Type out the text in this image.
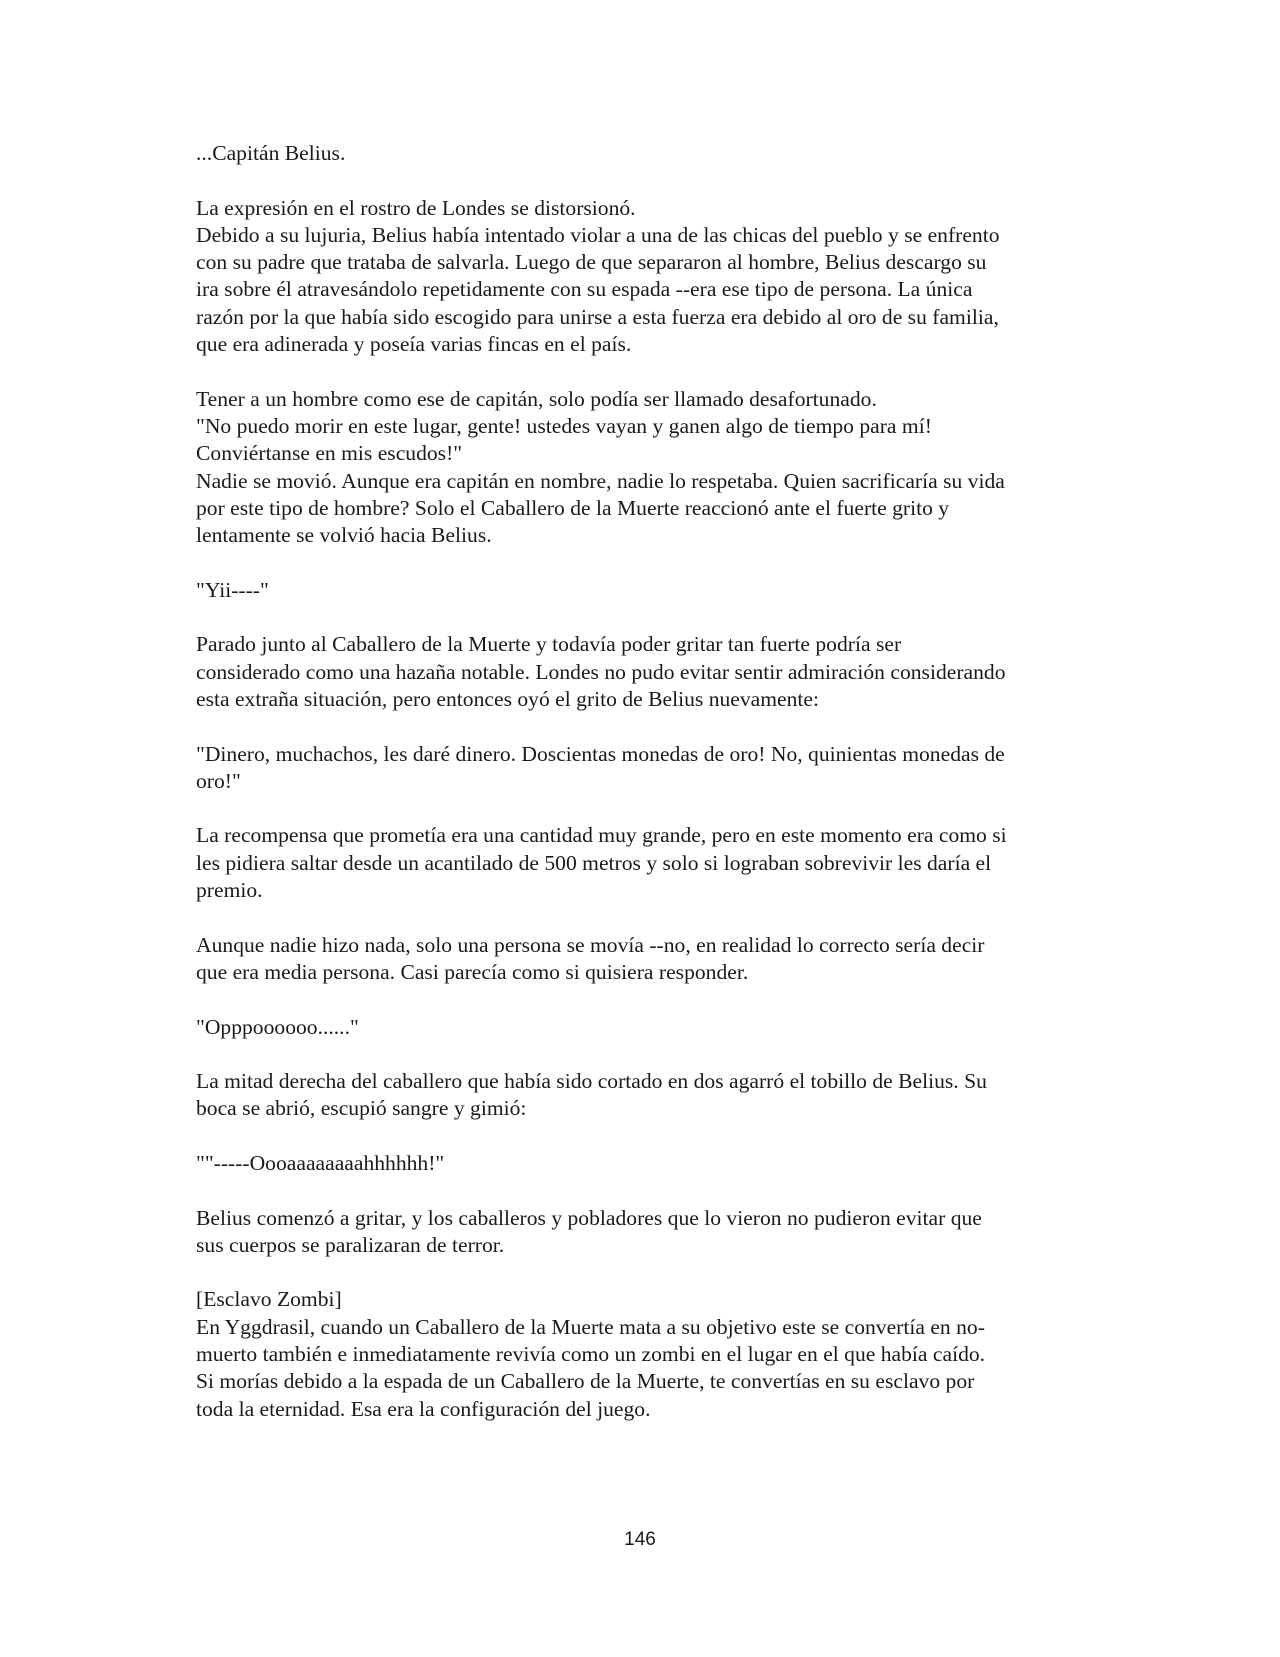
...Capitán Belius.
La expresión en el rostro de Londes se distorsionó.
Debido a su lujuria, Belius había intentado violar a una de las chicas del pueblo y se enfrento
con su padre que trataba de salvarla. Luego de que separaron al hombre, Belius descargo su
ira sobre él atravesándolo repetidamente con su espada --era ese tipo de persona. La única
razón por la que había sido escogido para unirse a esta fuerza era debido al oro de su familia,
que era adinerada y poseía varias fincas en el país.
Tener a un hombre como ese de capitán, solo podía ser llamado desafortunado.
"No puedo morir en este lugar, gente! ustedes vayan y ganen algo de tiempo para mí!
Conviértanse en mis escudos!"
Nadie se movió. Aunque era capitán en nombre, nadie lo respetaba. Quien sacrificaría su vida
por este tipo de hombre? Solo el Caballero de la Muerte reaccionó ante el fuerte grito y
lentamente se volvió hacia Belius.
"Yii----"
Parado junto al Caballero de la Muerte y todavía poder gritar tan fuerte podría ser
considerado como una hazaña notable. Londes no pudo evitar sentir admiración considerando
esta extraña situación, pero entonces oyó el grito de Belius nuevamente:
"Dinero, muchachos, les daré dinero. Doscientas monedas de oro! No, quinientas monedas de
oro!"
La recompensa que prometía era una cantidad muy grande, pero en este momento era como si
les pidiera saltar desde un acantilado de 500 metros y solo si lograban sobrevivir les daría el
premio.
Aunque nadie hizo nada, solo una persona se movía --no, en realidad lo correcto sería decir
que era media persona. Casi parecía como si quisiera responder.
"Opppoooooo......"
La mitad derecha del caballero que había sido cortado en dos agarró el tobillo de Belius. Su
boca se abrió, escupió sangre y gimió:
""-----Oooaaaaaaaahhhhhh!"
Belius comenzó a gritar, y los caballeros y pobladores que lo vieron no pudieron evitar que
sus cuerpos se paralizaran de terror.
[Esclavo Zombi]
En Yggdrasil, cuando un Caballero de la Muerte mata a su objetivo este se convertía en no-
muerto también e inmediatamente revivía como un zombi en el lugar en el que había caído.
Si morías debido a la espada de un Caballero de la Muerte, te convertías en su esclavo por
toda la eternidad. Esa era la configuración del juego.
146
